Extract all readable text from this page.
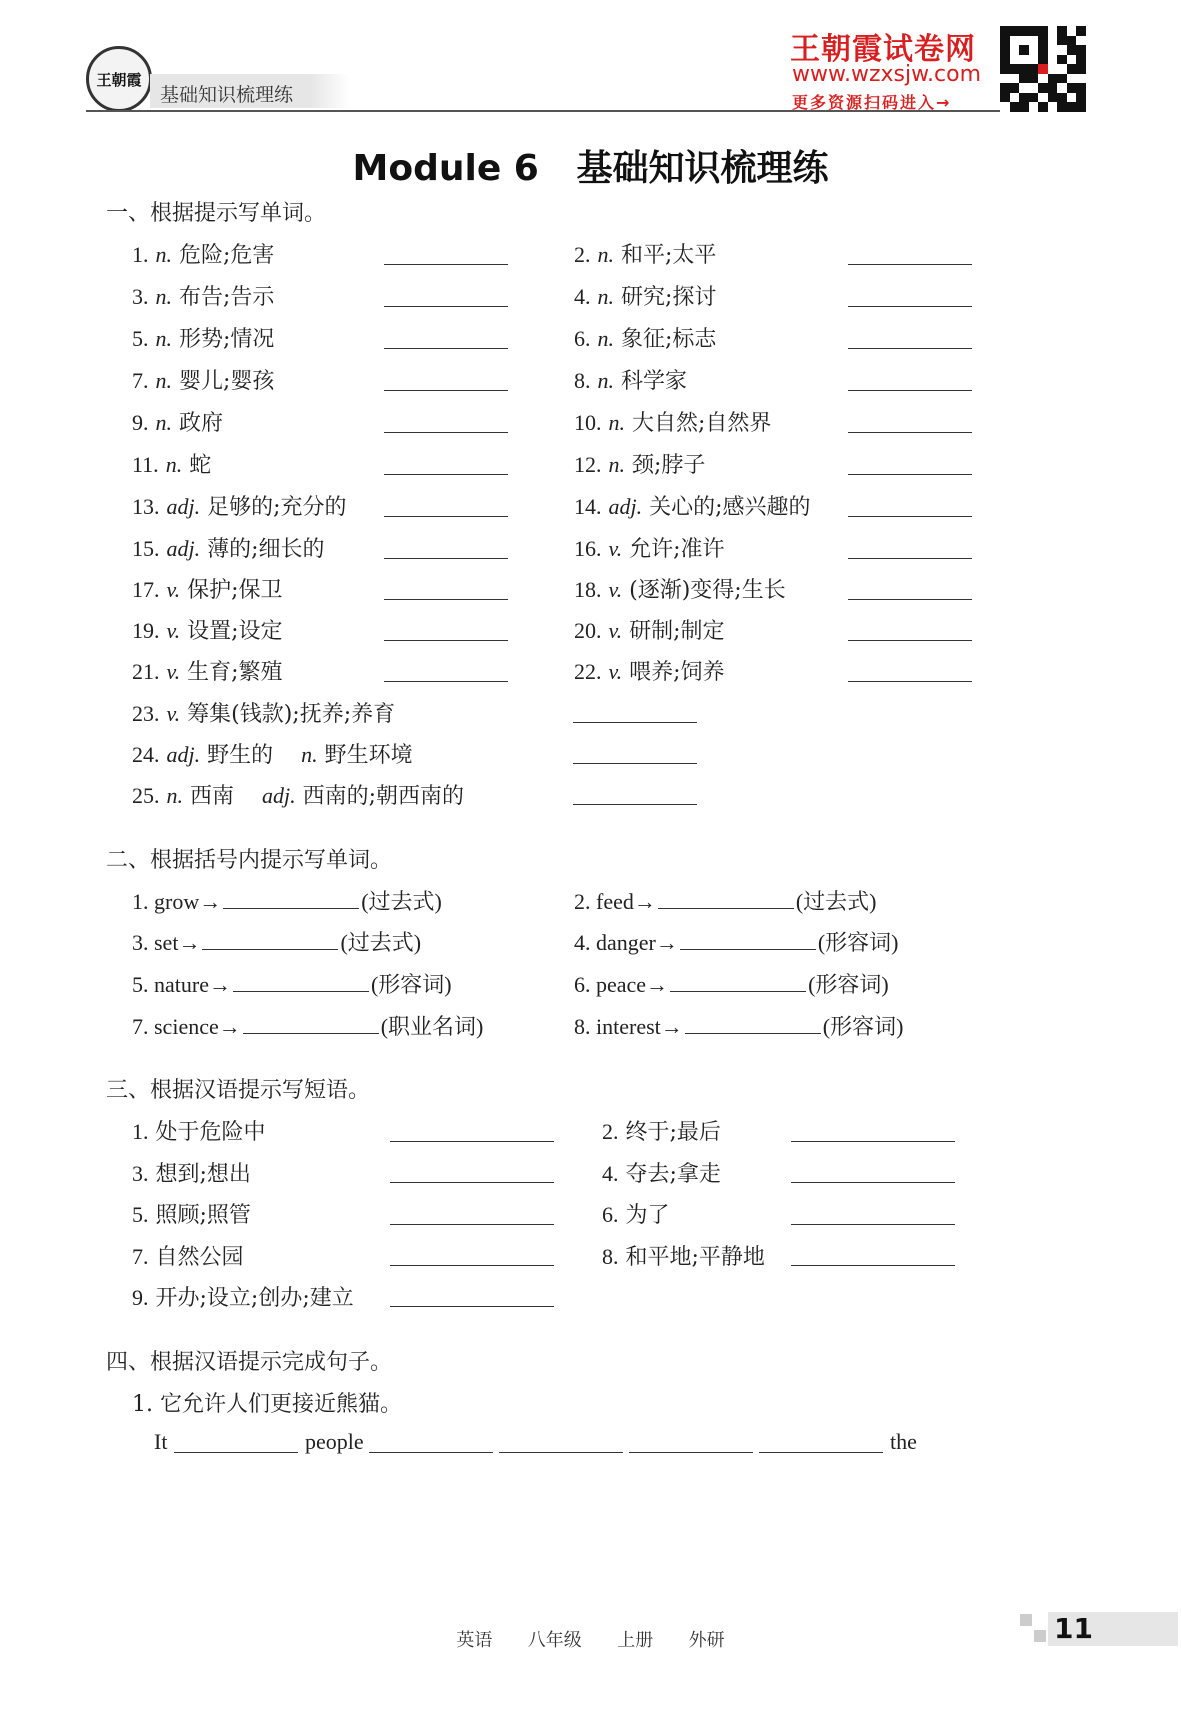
王朝霞
基础知识梳理练
王朝霞试卷网
www.wzxsjw.com
更多资源扫码进入→
Module 6   基础知识梳理练
一、根据提示写单词。
1. n. 危险;危害	2. n. 和平;太平
3. n. 布告;告示	4. n. 研究;探讨
5. n. 形势;情况	6. n. 象征;标志
7. n. 婴儿;婴孩	8. n. 科学家
9. n. 政府	10. n. 大自然;自然界
11. n. 蛇	12. n. 颈;脖子
13. adj. 足够的;充分的	14. adj. 关心的;感兴趣的
15. adj. 薄的;细长的	16. v. 允许;准许
17. v. 保护;保卫	18. v. (逐渐)变得;生长
19. v. 设置;设定	20. v. 研制;制定
21. v. 生育;繁殖	22. v. 喂养;饲养
23. v. 筹集(钱款);抚养;养育
24. adj. 野生的 n. 野生环境
25. n. 西南 adj. 西南的;朝西南的
二、根据括号内提示写单词。
1. grow→	(过去式)	2. feed→	(过去式)
3. set→	(过去式)	4. danger→	(形容词)
5. nature→	(形容词)	6. peace→	(形容词)
7. science→	(职业名词)	8. interest→	(形容词)
三、根据汉语提示写短语。
1. 处于危险中	2. 终于;最后
3. 想到;想出	4. 夺去;拿走
5. 照顾;照管	6. 为了
7. 自然公园	8. 和平地;平静地
9. 开办;设立;创办;建立
四、根据汉语提示完成句子。
1. 它允许人们更接近熊猫。
It	people	the
英语  八年级  上册  外研	11
